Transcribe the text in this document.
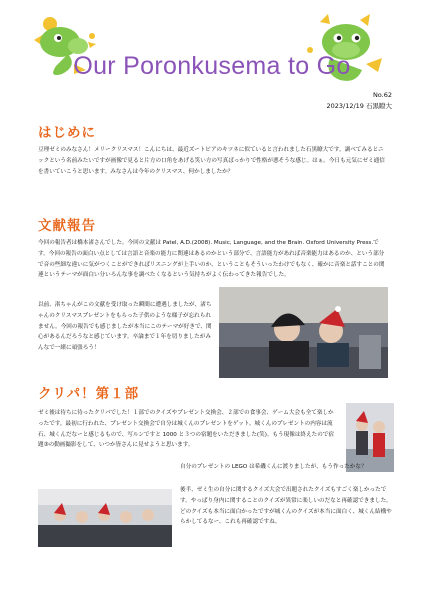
Our Poronkusema to Go
No.62
2023/12/19 石黒瞭大
はじめに

豆理ゼミのみなさん！メリークリスマス！こんにちは、最近ズートピアのキツネに似ていると言われました石黒瞭大です。調べてみるとニックという名前みたいですが画像で見ると片方の口角をあげる笑い方の写真ばっかりで性格が悪そうな感じ。はぁ。今日も元気にゼミ通信を書いていこうと思います。みなさんは今年のクリスマス、何かしましたか？

文献報告

今回の報告者は橋本渚さんでした。今回の文献は Patel, A.D.(2008). Music, Language, and the Brain. Oxford University Press.です。今回の報告の面白い点としては言語と音楽の能力に関連はあるのかという部分で、言語能力があれば音楽能力はあるのか、という部分で音の些細な違いに気がつくことができればリスニングが上手いのか、ということもそういったわけでもなく、確かに音楽と話すことの関連というテーマが面白い分いろんな事を調べたくなるという気持ちがよく伝わってきた報告でした。

以前、渚ちゃんがこの文献を受け取った瞬間に遭遇しましたが、渚ちゃんのクリスマスプレゼントをもらった子供のような様子が忘れられません。今回の報告でも感じましたが本当にこのテーマが好きで、関心があるんだろうなと感じています。卒論まで１年を切りましたがみんなで一緒に頑張ろう！

クリパ！第１部

ゼミ後は待ちに待ったクリパでした！１部でのクイズやプレゼント交換会、２部での食事会、ゲーム大会も全て楽しかったです。最初に行われた、プレゼント交換会で自分は城くんのプレゼントをゲット。城くんのプレゼントの内容は流石、城くんだなーと感じるもので、写ルンですと 1000 と３つの宿題をいただきました(笑)。もう現像は終えたので宿題③の動画撮影をして、いつか皆さんに見せようと思います。

自分のプレゼントの LEGO は希磯くんに渡りましたが、もう作ったかな？

後半、ゼミ生の自分に関するクイズ大会で出題されたクイズもすごく楽しかったです。やっぱり身内に関することのクイズが異常に楽しいのだなと再確認できました。どのクイズも本当に面白かったですが城くんのクイズが本当に面白く、城くん結構やらかしてるなー、これも再確認ですね。
